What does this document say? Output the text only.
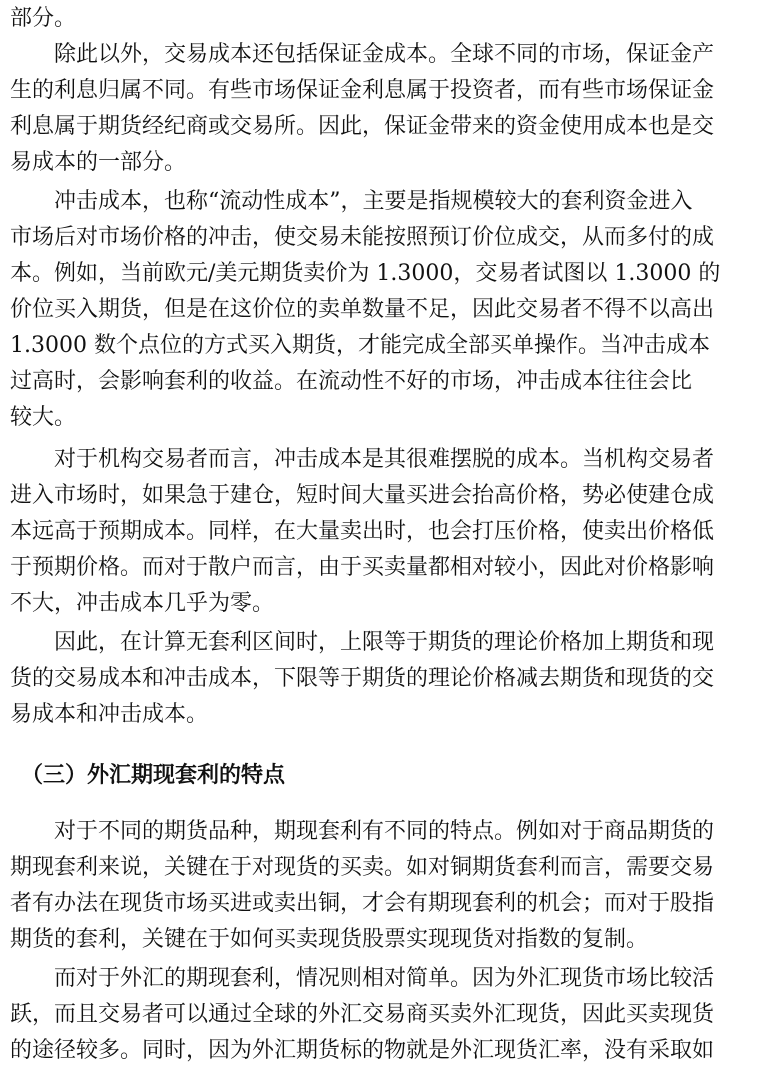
部分。
　　除此以外，交易成本还包括保证金成本。全球不同的市场，保证金产
生的利息归属不同。有些市场保证金利息属于投资者，而有些市场保证金
利息属于期货经纪商或交易所。因此，保证金带来的资金使用成本也是交
易成本的一部分。
　　冲击成本，也称“流动性成本”，主要是指规模较大的套利资金进入
市场后对市场价格的冲击，使交易未能按照预订价位成交，从而多付的成
本。例如，当前欧元/美元期货卖价为 1.3000，交易者试图以 1.3000 的
价位买入期货，但是在这价位的卖单数量不足，因此交易者不得不以高出
1.3000 数个点位的方式买入期货，才能完成全部买单操作。当冲击成本
过高时，会影响套利的收益。在流动性不好的市场，冲击成本往往会比
较大。
　　对于机构交易者而言，冲击成本是其很难摆脱的成本。当机构交易者
进入市场时，如果急于建仓，短时间大量买进会抬高价格，势必使建仓成
本远高于预期成本。同样，在大量卖出时，也会打压价格，使卖出价格低
于预期价格。而对于散户而言，由于买卖量都相对较小，因此对价格影响
不大，冲击成本几乎为零。
　　因此，在计算无套利区间时，上限等于期货的理论价格加上期货和现
货的交易成本和冲击成本，下限等于期货的理论价格减去期货和现货的交
易成本和冲击成本。
　（三）外汇期现套利的特点
　　对于不同的期货品种，期现套利有不同的特点。例如对于商品期货的
期现套利来说，关键在于对现货的买卖。如对铜期货套利而言，需要交易
者有办法在现货市场买进或卖出铜，才会有期现套利的机会；而对于股指
期货的套利，关键在于如何买卖现货股票实现现货对指数的复制。
　　而对于外汇的期现套利，情况则相对简单。因为外汇现货市场比较活
跃，而且交易者可以通过全球的外汇交易商买卖外汇现货，因此买卖现货
的途径较多。同时，因为外汇期货标的物就是外汇现货汇率，没有采取如
